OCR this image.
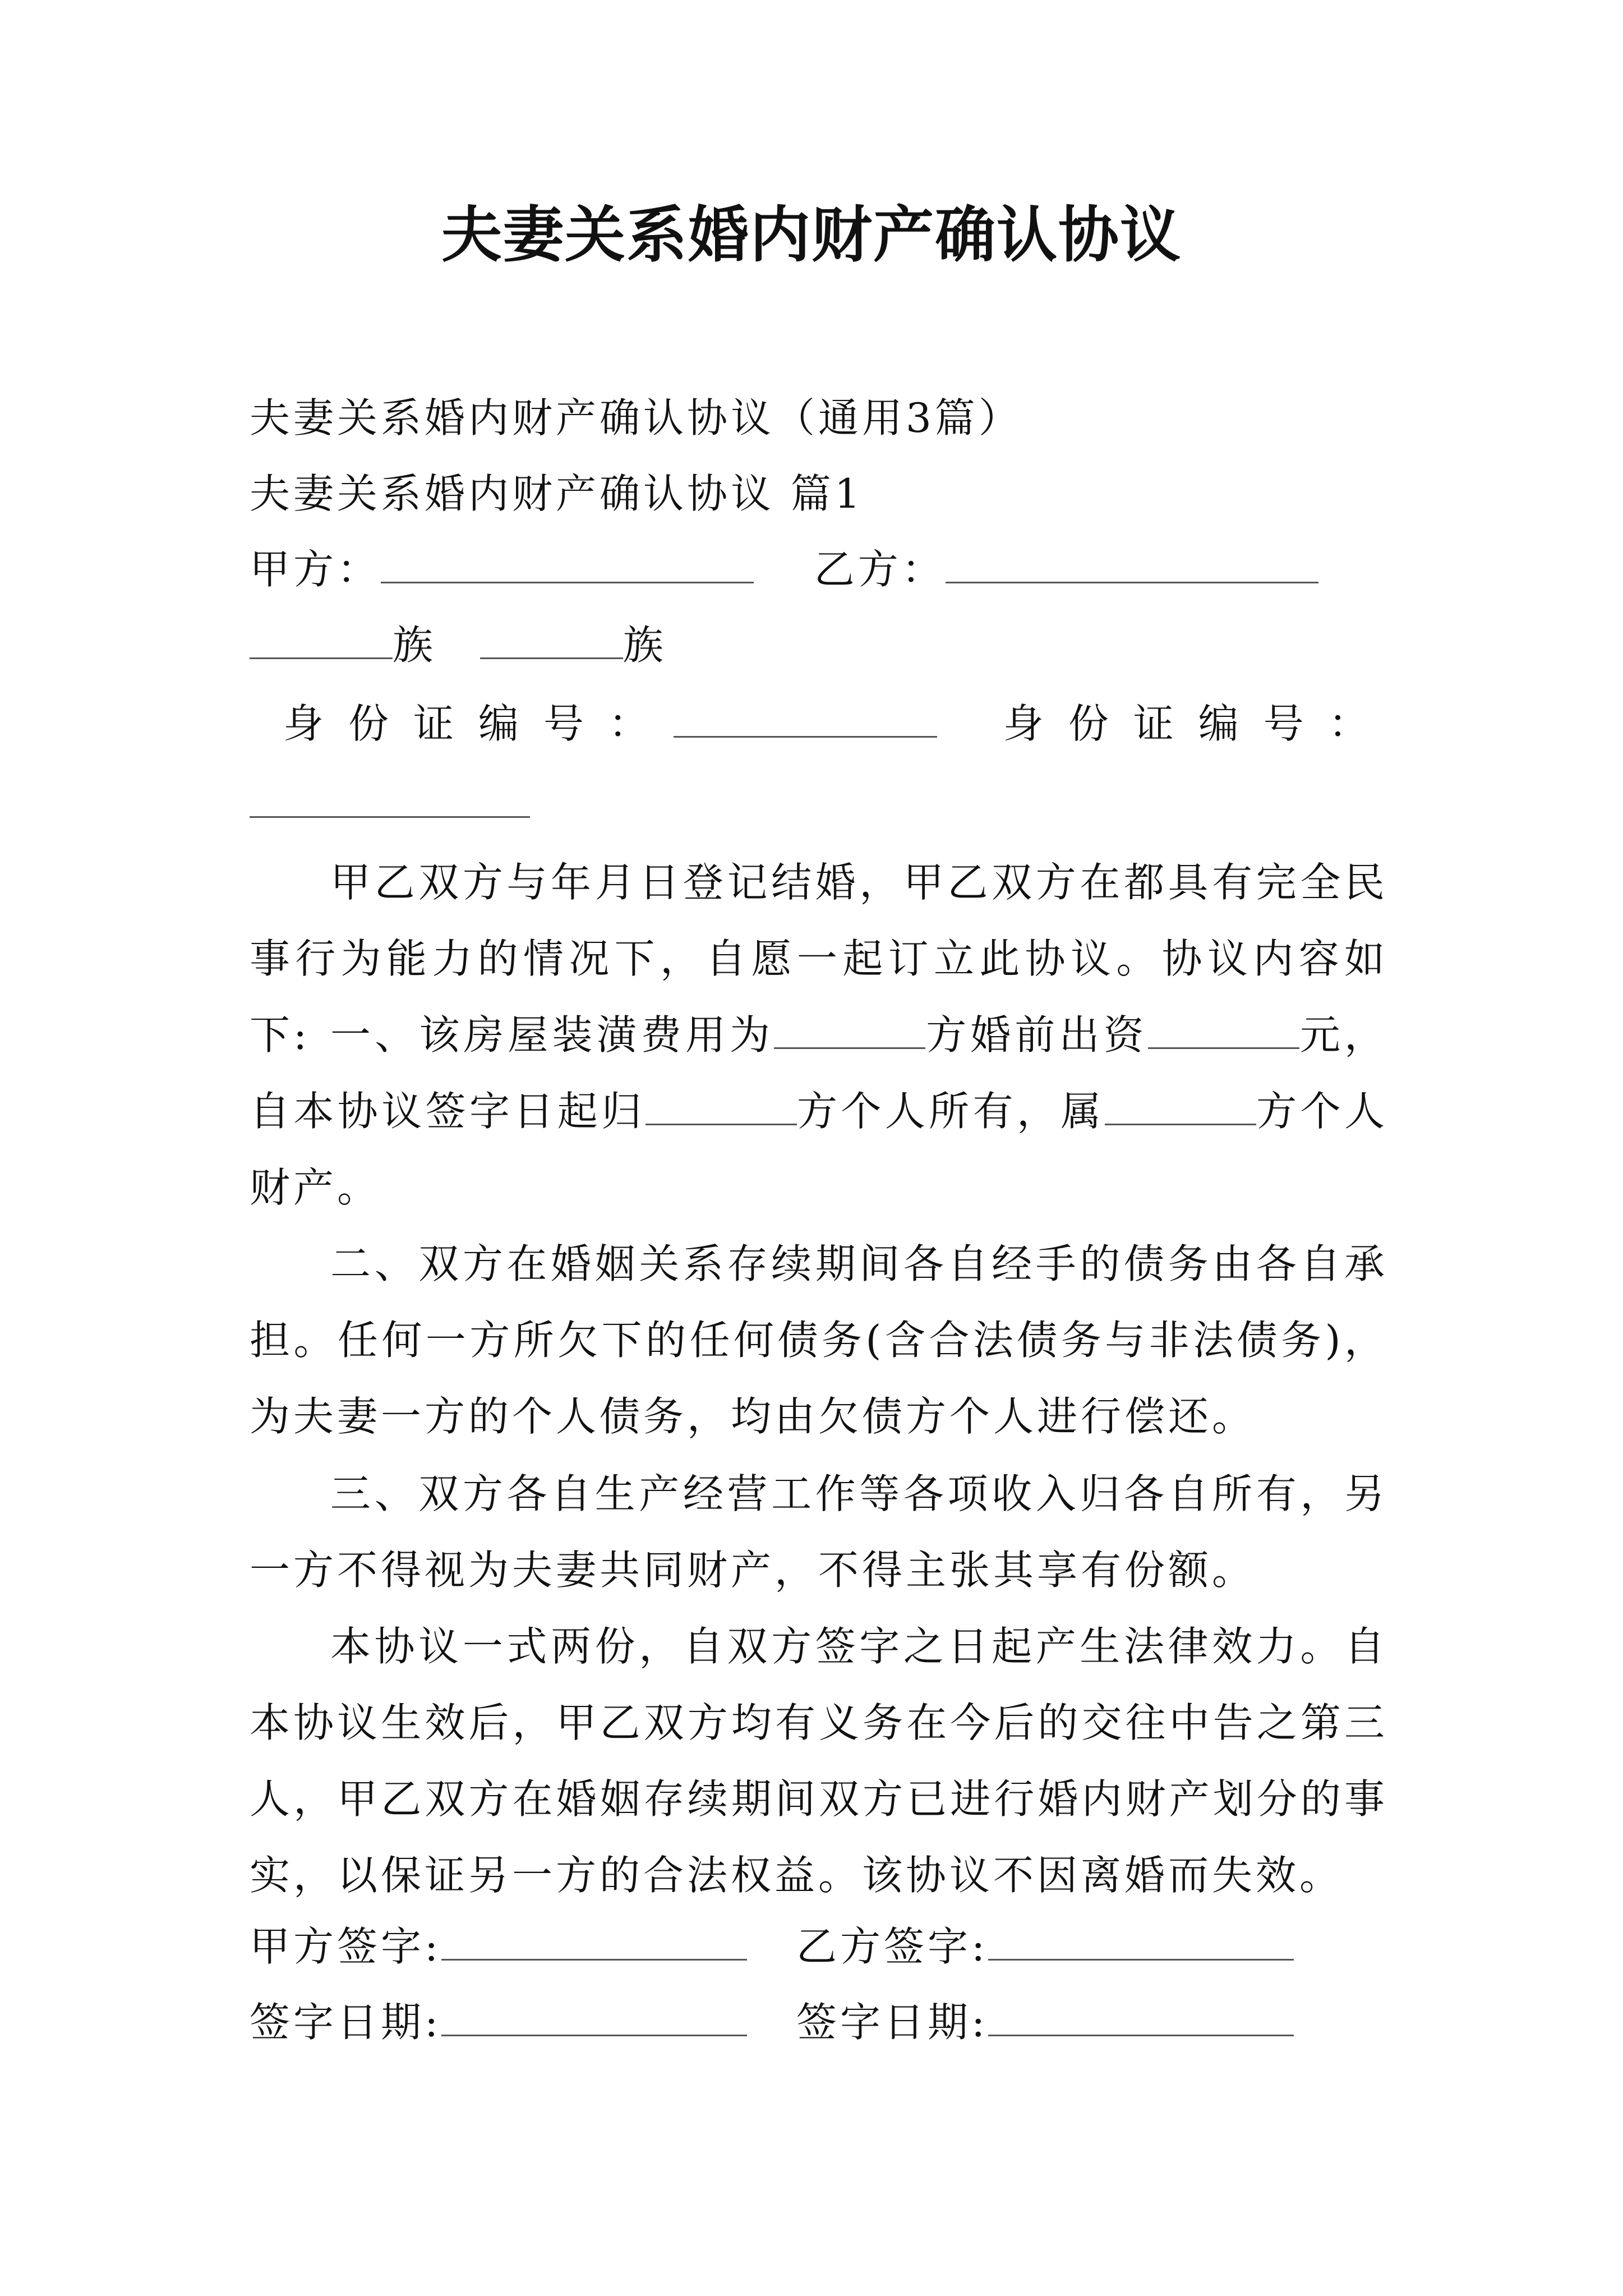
夫妻关系婚内财产确认协议
夫妻关系婚内财产确认协议（通用3篇）
夫妻关系婚内财产确认协议 篇1
甲方：	乙方：
族	族
身份证编号：	身份证编号：

甲乙双方与年月日登记结婚，甲乙双方在都具有完全民事行为能力的情况下，自愿一起订立此协议。协议内容如下: 一、该房屋装潢费用为	方婚前出资	元，自本协议签字日起归	方个人所有，属	方个人财产。

二、双方在婚姻关系存续期间各自经手的债务由各自承担。任何一方所欠下的任何债务(含合法债务与非法债务)，为夫妻一方的个人债务，均由欠债方个人进行偿还。

三、双方各自生产经营工作等各项收入归各自所有，另一方不得视为夫妻共同财产，不得主张其享有份额。

本协议一式两份，自双方签字之日起产生法律效力。自本协议生效后，甲乙双方均有义务在今后的交往中告之第三人，甲乙双方在婚姻存续期间双方已进行婚内财产划分的事实，以保证另一方的合法权益。该协议不因离婚而失效。

甲方签字:	乙方签字:
签字日期:	签字日期:
